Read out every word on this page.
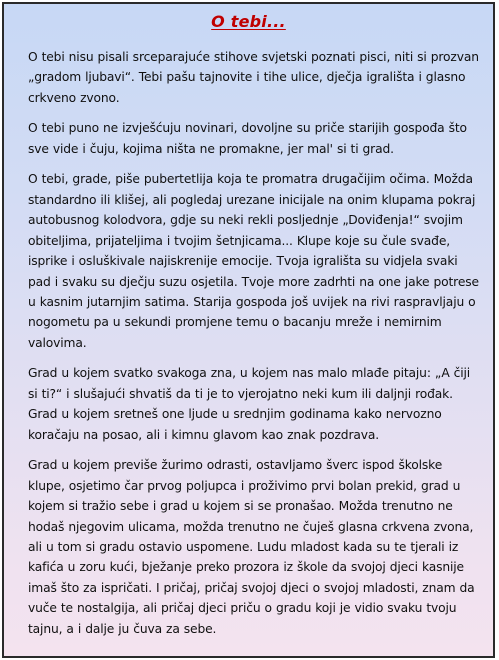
O tebi...

O tebi nisu pisali srceparajuće stihove svjetski poznati pisci, niti si prozvan „gradom ljubavi“. Tebi pašu tajnovite i tihe ulice, dječja igrališta i glasno crkveno zvono.

O tebi puno ne izvješćuju novinari, dovoljne su priče starijih gospođa što sve vide i čuju, kojima ništa ne promakne, jer mal' si ti grad.

O tebi, grade, piše pubertetlija koja te promatra drugačijim očima. Možda standardno ili klišej, ali pogledaj urezane inicijale na onim klupama pokraj autobusnog kolodvora, gdje su neki rekli posljednje „Doviđenja!“ svojim obiteljima, prijateljima i tvojim šetnjicama... Klupe koje su čule svađe, isprike i osluškivale najiskrenije emocije. Tvoja igrališta su vidjela svaki pad i svaku su dječju suzu osjetila. Tvoje more zadrhti na one jake potrese u kasnim jutarnjim satima. Starija gospoda još uvijek na rivi raspravljaju o nogometu pa u sekundi promjene temu o bacanju mreže i nemirnim valovima.

Grad u kojem svatko svakoga zna, u kojem nas malo mlađe pitaju: „A čiji si ti?“ i slušajući shvatiš da ti je to vjerojatno neki kum ili daljnji rođak. Grad u kojem sretneš one ljude u srednjim godinama kako nervozno koračaju na posao, ali i kimnu glavom kao znak pozdrava.

Grad u kojem previše žurimo odrasti, ostavljamo šverc ispod školske klupe, osjetimo čar prvog poljupca i proživimo prvi bolan prekid, grad u kojem si tražio sebe i grad u kojem si se pronašao. Možda trenutno ne hodaš njegovim ulicama, možda trenutno ne čuješ glasna crkvena zvona, ali u tom si gradu ostavio uspomene. Ludu mladost kada su te tjerali iz kafića u zoru kući, bježanje preko prozora iz škole da svojoj djeci kasnije imaš što za ispričati. I pričaj, pričaj svojoj djeci o svojoj mladosti, znam da vuče te nostalgija, ali pričaj djeci priču o gradu koji je vidio svaku tvoju tajnu, a i dalje ju čuva za sebe.
